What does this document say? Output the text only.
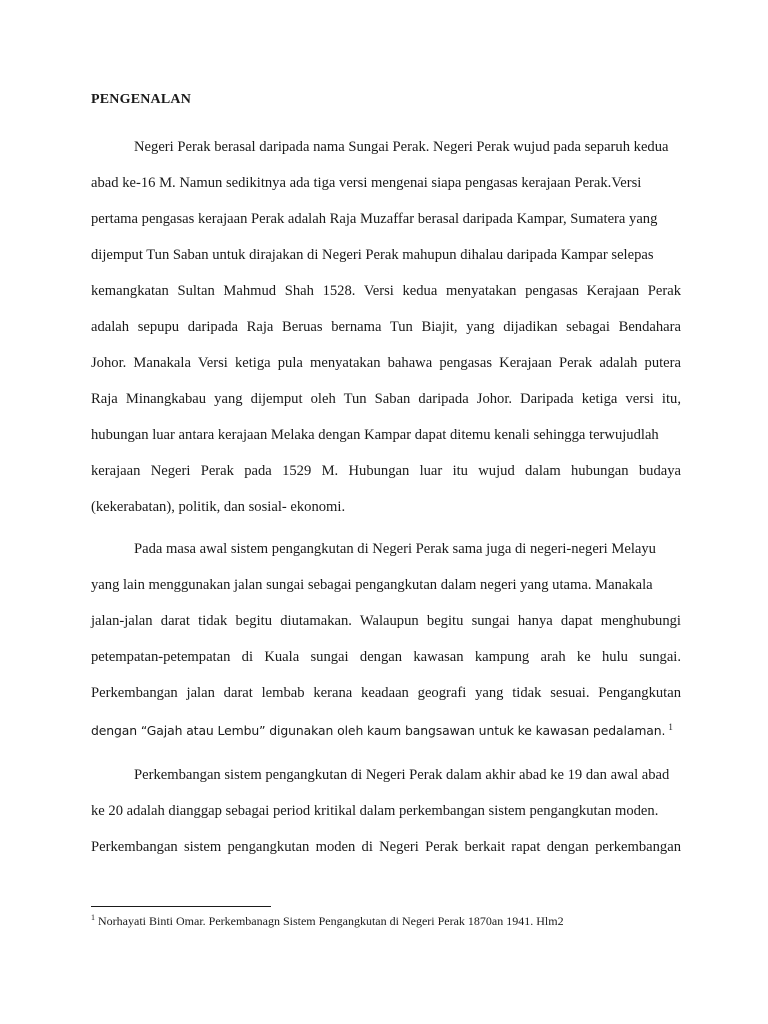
PENGENALAN
Negeri Perak berasal daripada nama Sungai Perak. Negeri Perak wujud pada separuh kedua
abad ke-16 M. Namun sedikitnya ada tiga versi mengenai siapa pengasas kerajaan Perak.Versi
pertama pengasas kerajaan Perak adalah Raja Muzaffar berasal daripada Kampar, Sumatera yang
dijemput Tun Saban untuk dirajakan di Negeri Perak mahupun dihalau daripada Kampar selepas
kemangkatan Sultan Mahmud Shah 1528. Versi kedua menyatakan pengasas Kerajaan Perak
adalah sepupu daripada Raja Beruas bernama Tun Biajit, yang dijadikan sebagai Bendahara
Johor. Manakala Versi ketiga pula menyatakan bahawa pengasas Kerajaan Perak adalah putera
Raja Minangkabau yang dijemput oleh Tun Saban daripada Johor. Daripada ketiga versi itu,
hubungan luar antara kerajaan Melaka dengan Kampar dapat ditemu kenali sehingga terwujudlah
kerajaan Negeri Perak pada 1529 M. Hubungan luar itu wujud dalam hubungan budaya
(kekerabatan), politik, dan sosial- ekonomi.
Pada masa awal sistem pengangkutan di Negeri Perak sama juga di negeri-negeri Melayu
yang lain menggunakan jalan sungai sebagai pengangkutan dalam negeri yang utama. Manakala
jalan-jalan darat tidak begitu diutamakan. Walaupun begitu sungai hanya dapat menghubungi
petempatan-petempatan di Kuala sungai dengan kawasan kampung arah ke hulu sungai.
Perkembangan jalan darat lembab kerana keadaan geografi yang tidak sesuai. Pengangkutan
dengan “Gajah atau Lembu” digunakan oleh kaum bangsawan untuk ke kawasan pedalaman. $^1$
Perkembangan sistem pengangkutan di Negeri Perak dalam akhir abad ke 19 dan awal abad
ke 20 adalah dianggap sebagai period kritikal dalam perkembangan sistem pengangkutan moden.
Perkembangan sistem pengangkutan moden di Negeri Perak berkait rapat dengan perkembangan
$^1$ Norhayati Binti Omar. Perkembanagn Sistem Pengangkutan di Negeri Perak 1870an 1941. Hlm2
